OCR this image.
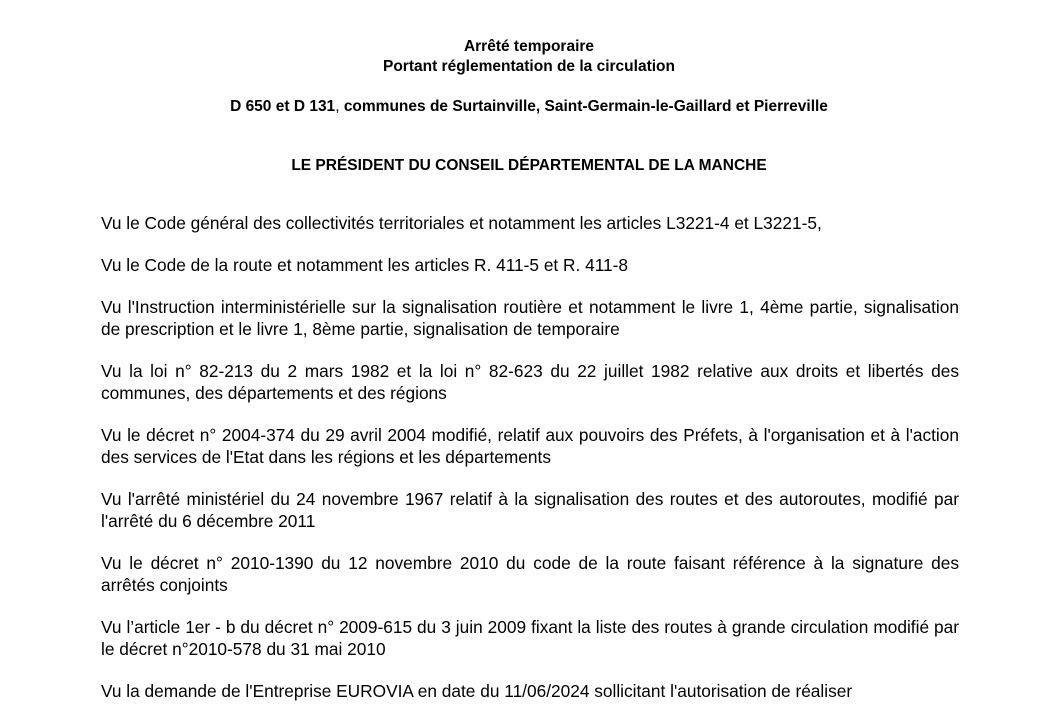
Arrêté temporaire
Portant réglementation de la circulation
D 650 et D 131, communes de Surtainville, Saint-Germain-le-Gaillard et Pierreville
LE PRÉSIDENT DU CONSEIL DÉPARTEMENTAL DE LA MANCHE

Vu le Code général des collectivités territoriales et notamment les articles L3221-4 et L3221-5,

Vu le Code de la route et notamment les articles R. 411-5 et R. 411-8

Vu l'Instruction interministérielle sur la signalisation routière et notamment le livre 1, 4ème partie, signalisation de prescription et le livre 1, 8ème partie, signalisation de temporaire

Vu la loi n° 82-213 du 2 mars 1982 et la loi n° 82-623 du 22 juillet 1982 relative aux droits et libertés des communes, des départements et des régions

Vu le décret n° 2004-374 du 29 avril 2004 modifié, relatif aux pouvoirs des Préfets, à l'organisation et à l'action des services de l'Etat dans les régions et les départements

Vu l'arrêté ministériel du 24 novembre 1967 relatif à la signalisation des routes et des autoroutes, modifié par l'arrêté du 6 décembre 2011

Vu le décret n° 2010-1390 du 12 novembre 2010 du code de la route faisant référence à la signature des arrêtés conjoints

Vu l’article 1er - b du décret n° 2009-615 du 3 juin 2009 fixant la liste des routes à grande circulation modifié par le décret n°2010-578 du 31 mai 2010

Vu la demande de l'Entreprise EUROVIA en date du 11/06/2024 sollicitant l'autorisation de réaliser
